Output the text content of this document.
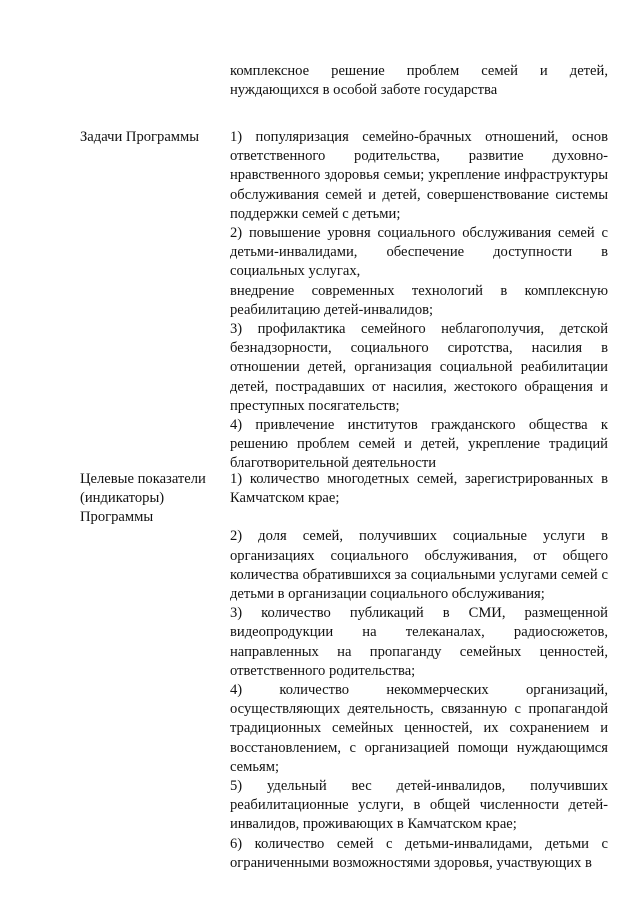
комплексное решение проблем семей и детей, нуждающихся в особой заботе государства
Задачи Программы	1) популяризация семейно-брачных отношений, основ ответственного родительства, развитие духовно-нравственного здоровья семьи; укрепление инфраструктуры обслуживания семей и детей, совершенствование системы поддержки семей с детьми;
2) повышение уровня социального обслуживания семей с детьми-инвалидами, обеспечение доступности в социальных услугах,
внедрение современных технологий в комплексную реабилитацию детей-инвалидов;
3) профилактика семейного неблагополучия, детской безнадзорности, социального сиротства, насилия в отношении детей, организация социальной реабилитации детей, пострадавших от насилия, жестокого обращения и преступных посягательств;
4) привлечение институтов гражданского общества к решению проблем семей и детей, укрепление традиций благотворительной деятельности
Целевые показатели (индикаторы) Программы
1) количество многодетных семей, зарегистрированных в Камчатском крае;
2) доля семей, получивших социальные услуги в организациях социального обслуживания, от общего количества обратившихся за социальными услугами семей с детьми в организации социального обслуживания;
3) количество публикаций в СМИ, размещенной видеопродукции на телеканалах, радиосюжетов, направленных на пропаганду семейных ценностей, ответственного родительства;
4) количество некоммерческих организаций, осуществляющих деятельность, связанную с пропагандой традиционных семейных ценностей, их сохранением и восстановлением, с организацией помощи нуждающимся семьям;
5) удельный вес детей-инвалидов, получивших реабилитационные услуги, в общей численности детей-инвалидов, проживающих в Камчатском крае;
6) количество семей с детьми-инвалидами, детьми с ограниченными возможностями здоровья, участвующих в
